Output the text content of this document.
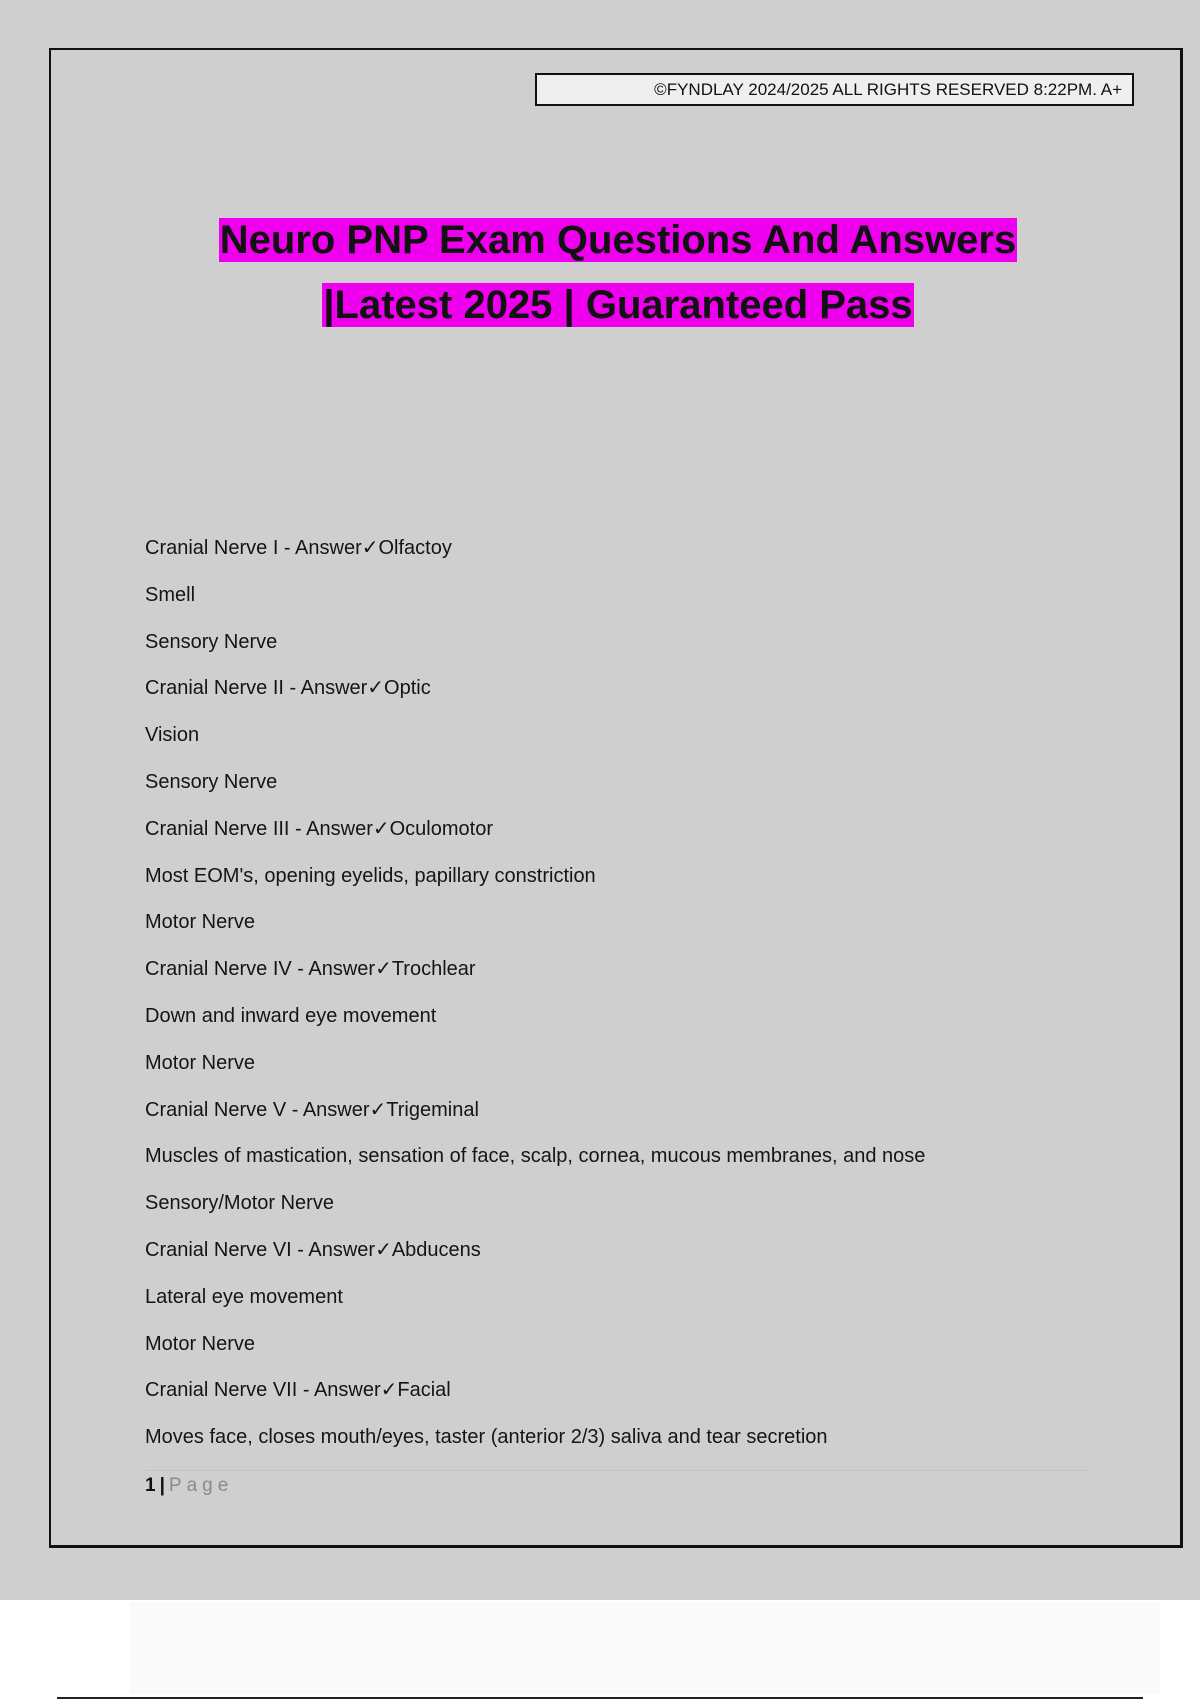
©FYNDLAY 2024/2025 ALL RIGHTS RESERVED 8:22PM. A+
Neuro PNP Exam Questions And Answers
|Latest 2025 | Guaranteed Pass
Cranial Nerve I - Answer✓Olfactoy
Smell
Sensory Nerve
Cranial Nerve II - Answer✓Optic
Vision
Sensory Nerve
Cranial Nerve III - Answer✓Oculomotor
Most EOM's, opening eyelids, papillary constriction
Motor Nerve
Cranial Nerve IV - Answer✓Trochlear
Down and inward eye movement
Motor Nerve
Cranial Nerve V - Answer✓Trigeminal
Muscles of mastication, sensation of face, scalp, cornea, mucous membranes, and nose
Sensory/Motor Nerve
Cranial Nerve VI - Answer✓Abducens
Lateral eye movement
Motor Nerve
Cranial Nerve VII - Answer✓Facial
Moves face, closes mouth/eyes, taster (anterior 2/3) saliva and tear secretion
1 | Page
